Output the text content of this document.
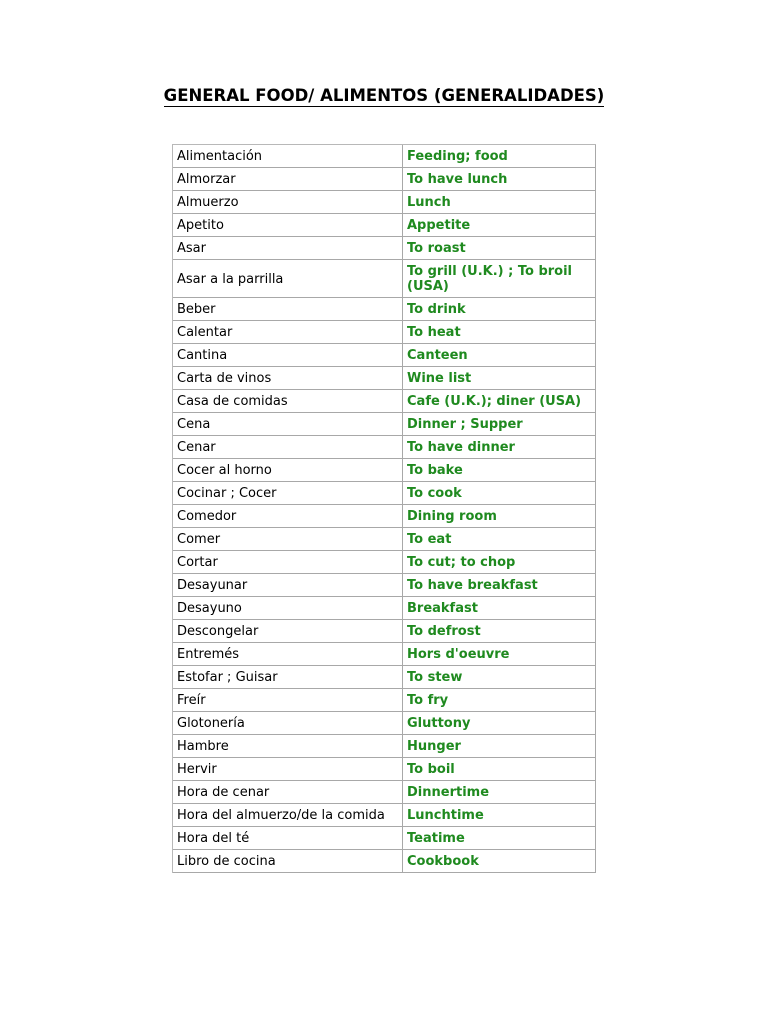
GENERAL FOOD/ ALIMENTOS (GENERALIDADES)
Alimentación	Feeding; food
Almorzar	To have lunch
Almuerzo	Lunch
Apetito	Appetite
Asar	To roast
Asar a la parrilla	To grill (U.K.) ; To broil (USA)
Beber	To drink
Calentar	To heat
Cantina	Canteen
Carta de vinos	Wine list
Casa de comidas	Cafe (U.K.); diner (USA)
Cena	Dinner ; Supper
Cenar	To have dinner
Cocer al horno	To bake
Cocinar ; Cocer	To cook
Comedor	Dining room
Comer	To eat
Cortar	To cut; to chop
Desayunar	To have breakfast
Desayuno	Breakfast
Descongelar	To defrost
Entremés	Hors d'oeuvre
Estofar ; Guisar	To stew
Freír	To fry
Glotonería	Gluttony
Hambre	Hunger
Hervir	To boil
Hora de cenar	Dinnertime
Hora del almuerzo/de la comida	Lunchtime
Hora del té	Teatime
Libro de cocina	Cookbook
